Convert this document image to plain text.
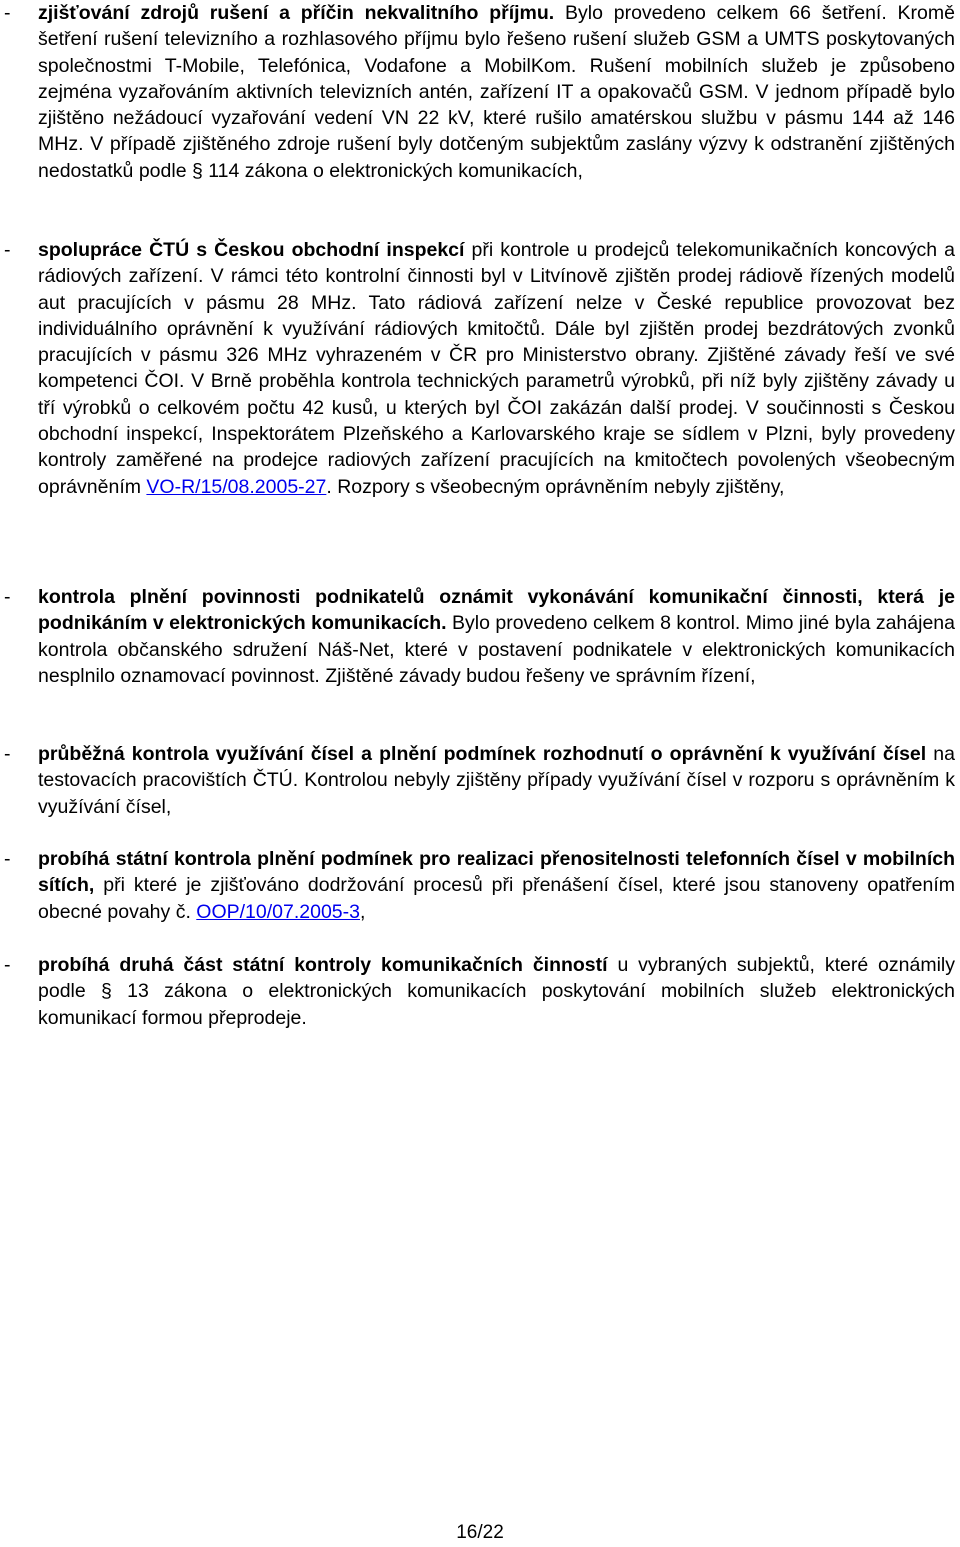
- zjišťování zdrojů rušení a příčin nekvalitního příjmu. Bylo provedeno celkem 66 šetření. Kromě šetření rušení televizního a rozhlasového příjmu bylo řešeno rušení služeb GSM a UMTS poskytovaných společnostmi T-Mobile, Telefónica, Vodafone a MobilKom. Rušení mobilních služeb je způsobeno zejména vyzařováním aktivních televizních antén, zařízení IT a opakovačů GSM. V jednom případě bylo zjištěno nežádoucí vyzařování vedení VN 22 kV, které rušilo amatérskou službu v pásmu 144 až 146 MHz. V případě zjištěného zdroje rušení byly dotčeným subjektům zaslány výzvy k odstranění zjištěných nedostatků podle § 114 zákona o elektronických komunikacích,
- spolupráce ČTÚ s Českou obchodní inspekcí při kontrole u prodejců telekomunikačních koncových a rádiových zařízení. V rámci této kontrolní činnosti byl v Litvínově zjištěn prodej rádiově řízených modelů aut pracujících v pásmu 28 MHz. Tato rádiová zařízení nelze v České republice provozovat bez individuálního oprávnění k využívání rádiových kmitočtů. Dále byl zjištěn prodej bezdrátových zvonků pracujících v pásmu 326 MHz vyhrazeném v ČR pro Ministerstvo obrany. Zjištěné závady řeší ve své kompetenci ČOI. V Brně proběhla kontrola technických parametrů výrobků, při níž byly zjištěny závady u tří výrobků o celkovém počtu 42 kusů, u kterých byl ČOI zakázán další prodej. V součinnosti s Českou obchodní inspekcí, Inspektorátem Plzeňského a Karlovarského kraje se sídlem v Plzni, byly provedeny kontroly zaměřené na prodejce radiových zařízení pracujících na kmitočtech povolených všeobecným oprávněním VO-R/15/08.2005-27. Rozpory s všeobecným oprávněním nebyly zjištěny,
- kontrola plnění povinnosti podnikatelů oznámit vykonávání komunikační činnosti, která je podnikáním v elektronických komunikacích. Bylo provedeno celkem 8 kontrol. Mimo jiné byla zahájena kontrola občanského sdružení Náš-Net, které v postavení podnikatele v elektronických komunikacích nesplnilo oznamovací povinnost. Zjištěné závady budou řešeny ve správním řízení,
- průběžná kontrola využívání čísel a plnění podmínek rozhodnutí o oprávnění k využívání čísel na testovacích pracovištích ČTÚ. Kontrolou nebyly zjištěny případy využívání čísel v rozporu s oprávněním k využívání čísel,
- probíhá státní kontrola plnění podmínek pro realizaci přenositelnosti telefonních čísel v mobilních sítích, při které je zjišťováno dodržování procesů při přenášení čísel, které jsou stanoveny opatřením obecné povahy č. OOP/10/07.2005-3,
- probíhá druhá část státní kontroly komunikačních činností u vybraných subjektů, které oznámily podle § 13 zákona o elektronických komunikacích poskytování mobilních služeb elektronických komunikací formou přeprodeje.
16/22
